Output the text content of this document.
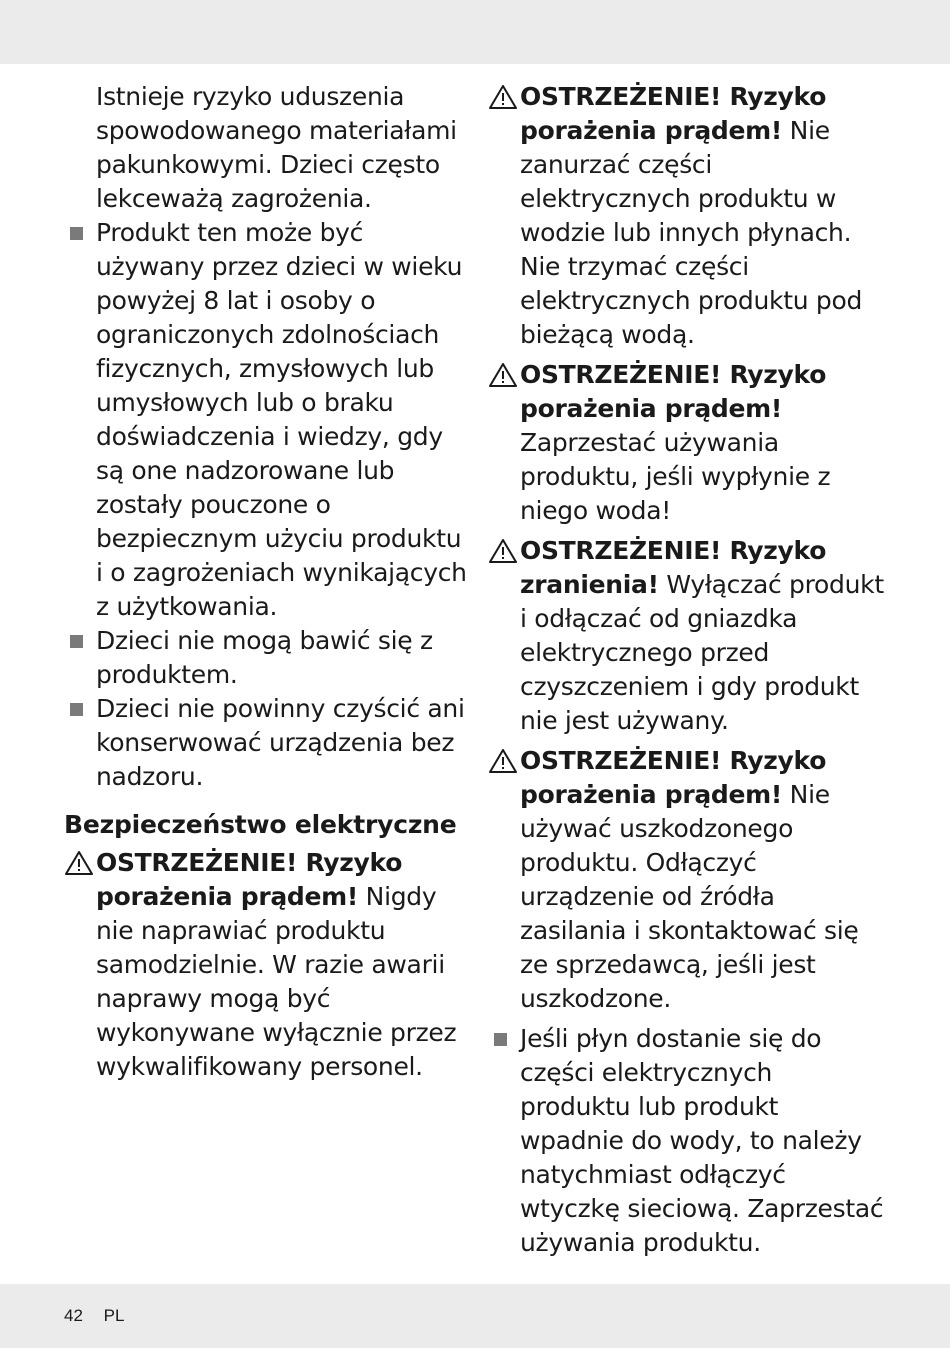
Istnieje ryzyko uduszenia spowodowanego materiałami pakunkowymi. Dzieci często lekceważą zagrożenia.
Produkt ten może być używany przez dzieci w wieku powyżej 8 lat i osoby o ograniczonych zdolnościach fizycznych, zmysłowych lub umysłowych lub o braku doświadczenia i wiedzy, gdy są one nadzorowane lub zostały pouczone o bezpiecznym użyciu produktu i o zagrożeniach wynikających z użytkowania.
Dzieci nie mogą bawić się z produktem.
Dzieci nie powinny czyścić ani konserwować urządzenia bez nadzoru.
Bezpieczeństwo elektryczne
OSTRZEŻENIE! Ryzyko porażenia prądem! Nigdy nie naprawiać produktu samodzielnie. W razie awarii naprawy mogą być wykonywane wyłącznie przez wykwalifikowany personel.
OSTRZEŻENIE! Ryzyko porażenia prądem! Nie zanurzać części elektrycznych produktu w wodzie lub innych płynach. Nie trzymać części elektrycznych produktu pod bieżącą wodą.
OSTRZEŻENIE! Ryzyko porażenia prądem! Zaprzestać używania produktu, jeśli wypłynie z niego woda!
OSTRZEŻENIE! Ryzyko zranienia! Wyłączać produkt i odłączać od gniazdka elektrycznego przed czyszczeniem i gdy produkt nie jest używany.
OSTRZEŻENIE! Ryzyko porażenia prądem! Nie używać uszkodzonego produktu. Odłączyć urządzenie od źródła zasilania i skontaktować się ze sprzedawcą, jeśli jest uszkodzone.
Jeśli płyn dostanie się do części elektrycznych produktu lub produkt wpadnie do wody, to należy natychmiast odłączyć wtyczkę sieciową. Zaprzestać używania produktu.
42 PL
